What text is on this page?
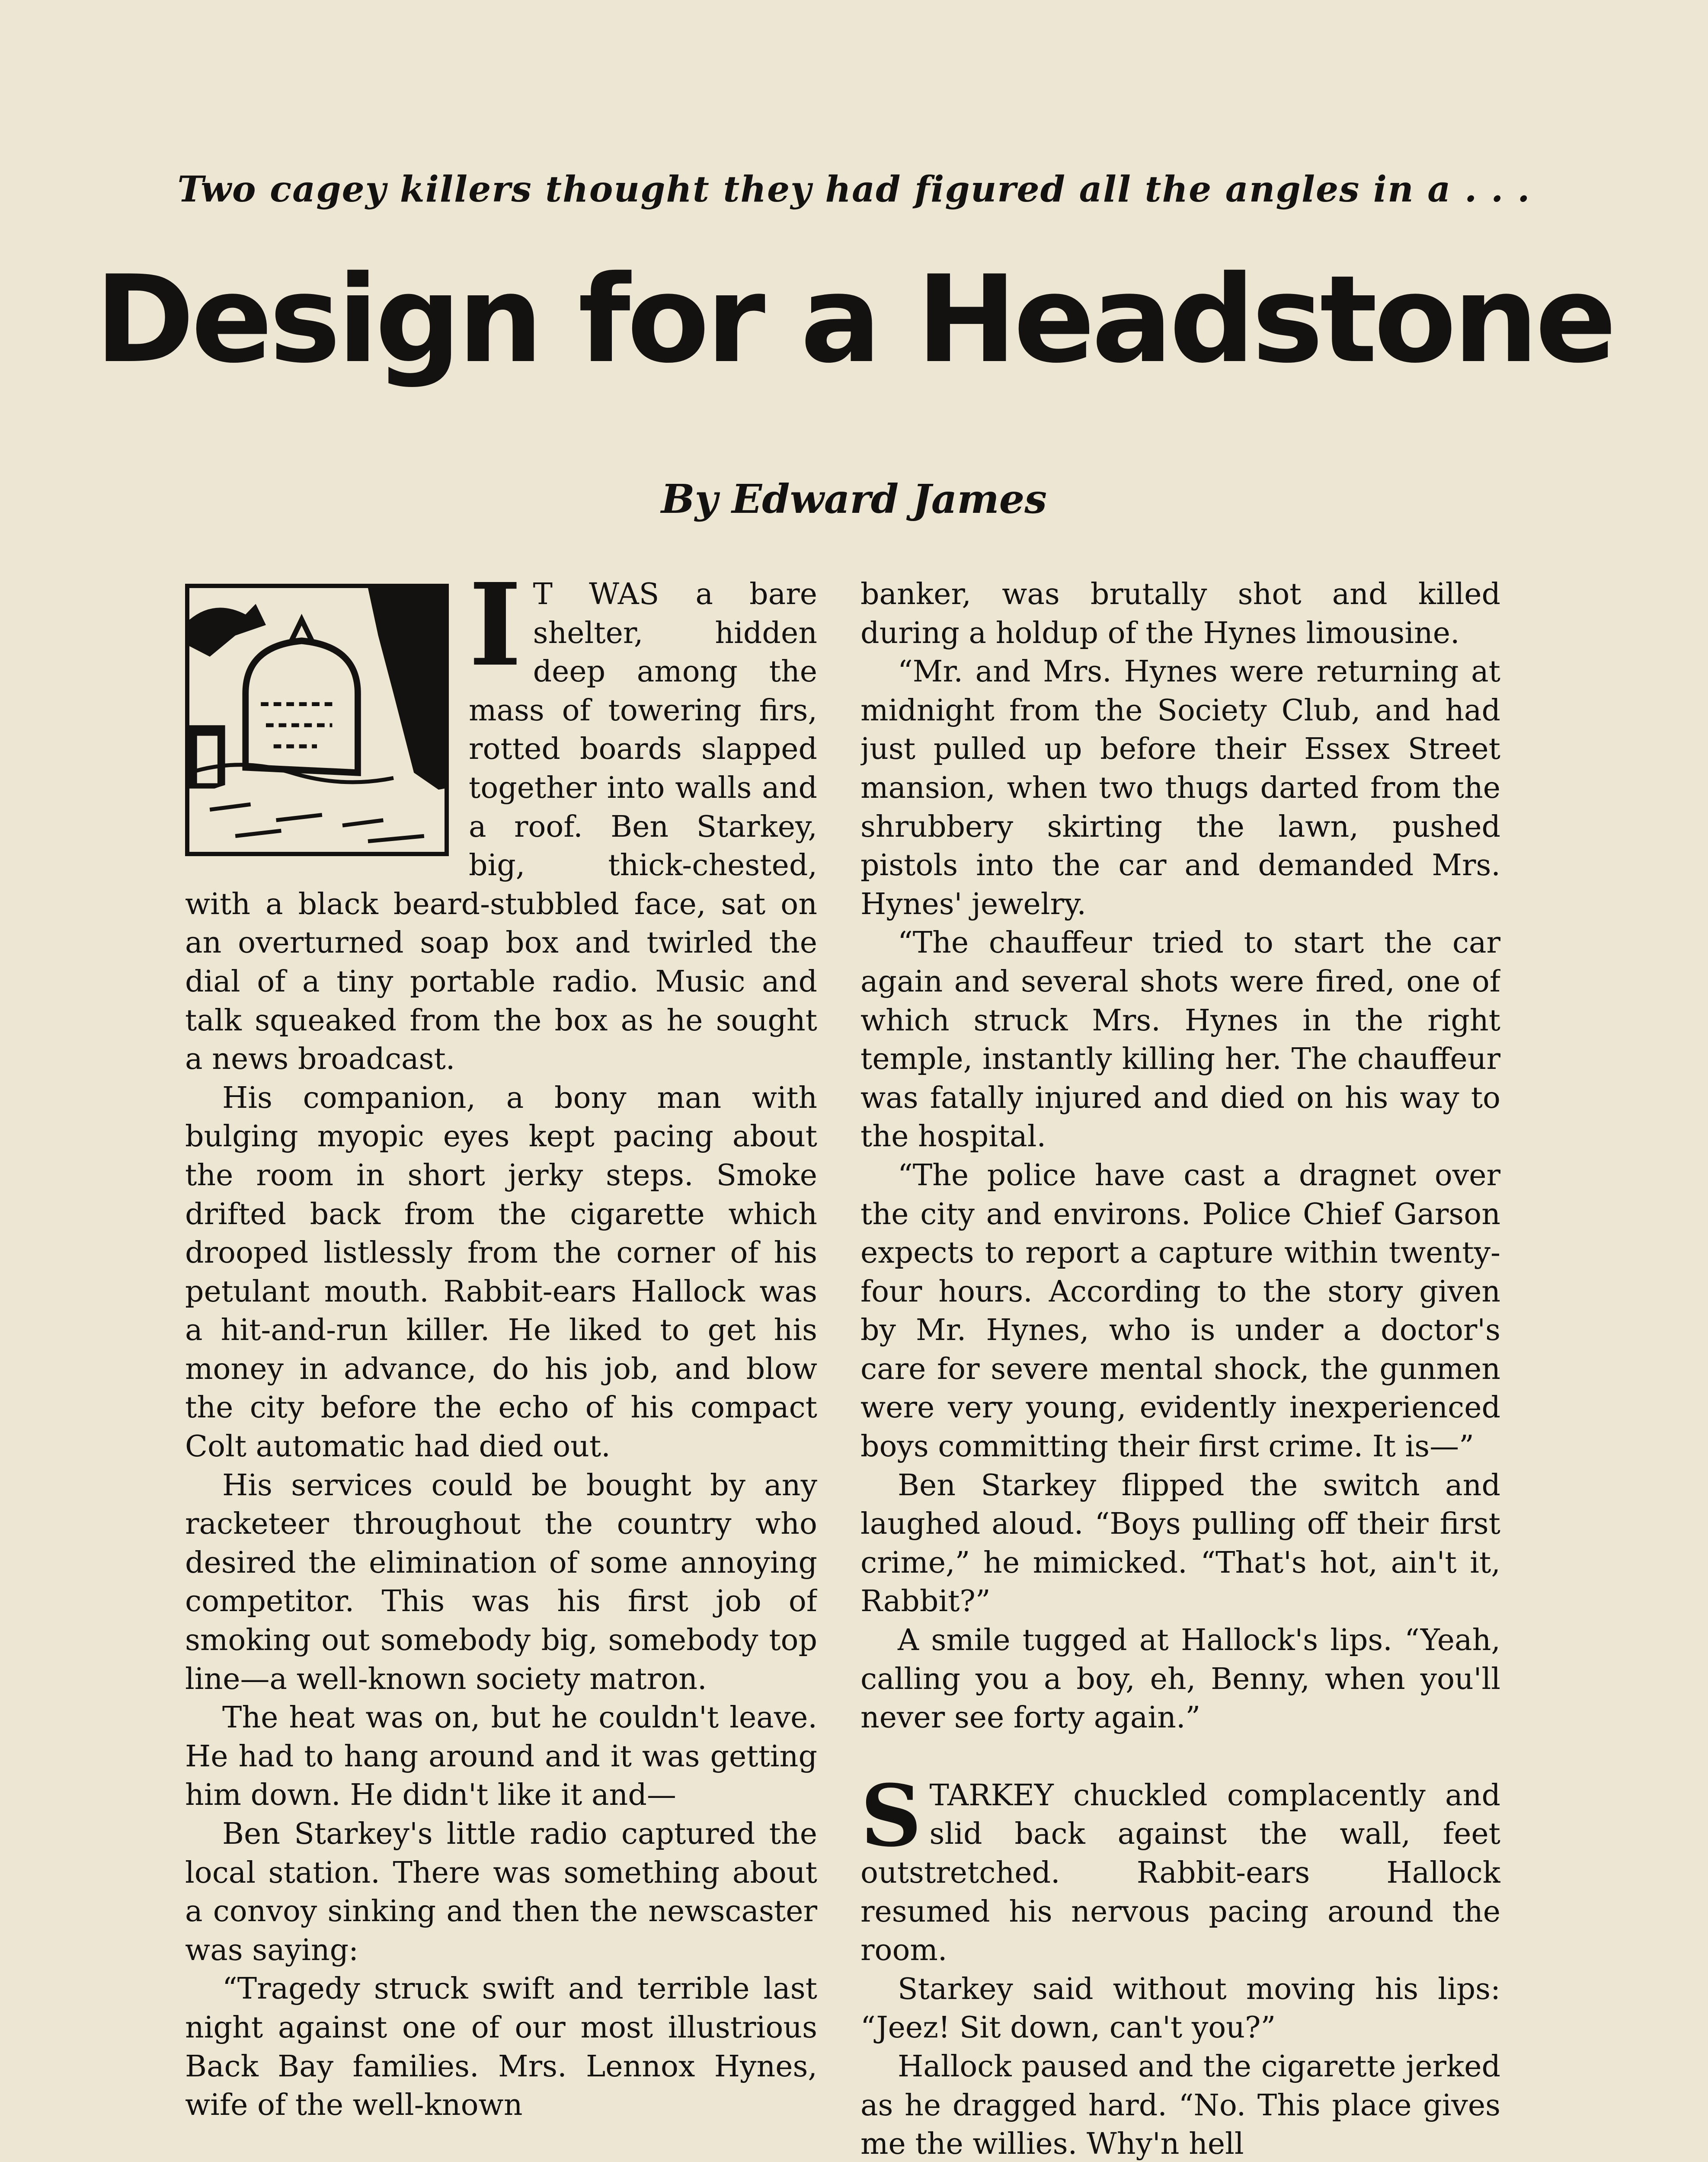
Two cagey killers thought they had figured all the angles in a . . .
Design for a Headstone
By Edward James
I T WAS a bare shelter, hidden deep among the mass of towering firs, rotted boards slapped together into walls and a roof. Ben Starkey, big, thick-chested, with a black beard-stubbled face, sat on an overturned soap box and twirled the dial of a tiny portable radio. Music and talk squeaked from the box as he sought a news broadcast.

His companion, a bony man with bulging myopic eyes kept pacing about the room in short jerky steps. Smoke drifted back from the cigarette which drooped listlessly from the corner of his petulant mouth. Rabbit-ears Hallock was a hit-and-run killer. He liked to get his money in advance, do his job, and blow the city before the echo of his compact Colt automatic had died out.

His services could be bought by any racketeer throughout the country who desired the elimination of some annoying competitor. This was his first job of smoking out somebody big, somebody top line—a well-known society matron.

The heat was on, but he couldn't leave. He had to hang around and it was getting him down. He didn't like it and—

Ben Starkey's little radio captured the local station. There was something about a convoy sinking and then the newscaster was saying:

“Tragedy struck swift and terrible last night against one of our most illustrious Back Bay families. Mrs. Lennox Hynes, wife of the well-known

banker, was brutally shot and killed during a holdup of the Hynes limousine.

“Mr. and Mrs. Hynes were returning at midnight from the Society Club, and had just pulled up before their Essex Street mansion, when two thugs darted from the shrubbery skirting the lawn, pushed pistols into the car and demanded Mrs. Hynes' jewelry.

“The chauffeur tried to start the car again and several shots were fired, one of which struck Mrs. Hynes in the right temple, instantly killing her. The chauffeur was fatally injured and died on his way to the hospital.

“The police have cast a dragnet over the city and environs. Police Chief Garson expects to report a capture within twenty-four hours. According to the story given by Mr. Hynes, who is under a doctor's care for severe mental shock, the gunmen were very young, evidently inexperienced boys committing their first crime. It is—”

Ben Starkey flipped the switch and laughed aloud. “Boys pulling off their first crime,” he mimicked. “That's hot, ain't it, Rabbit?”

A smile tugged at Hallock's lips. “Yeah, calling you a boy, eh, Benny, when you'll never see forty again.”

S TARKEY chuckled complacently and slid back against the wall, feet outstretched. Rabbit-ears Hallock resumed his nervous pacing around the room.

Starkey said without moving his lips: “Jeez! Sit down, can't you?”

Hallock paused and the cigarette jerked as he dragged hard. “No. This place gives me the willies. Why'n hell
